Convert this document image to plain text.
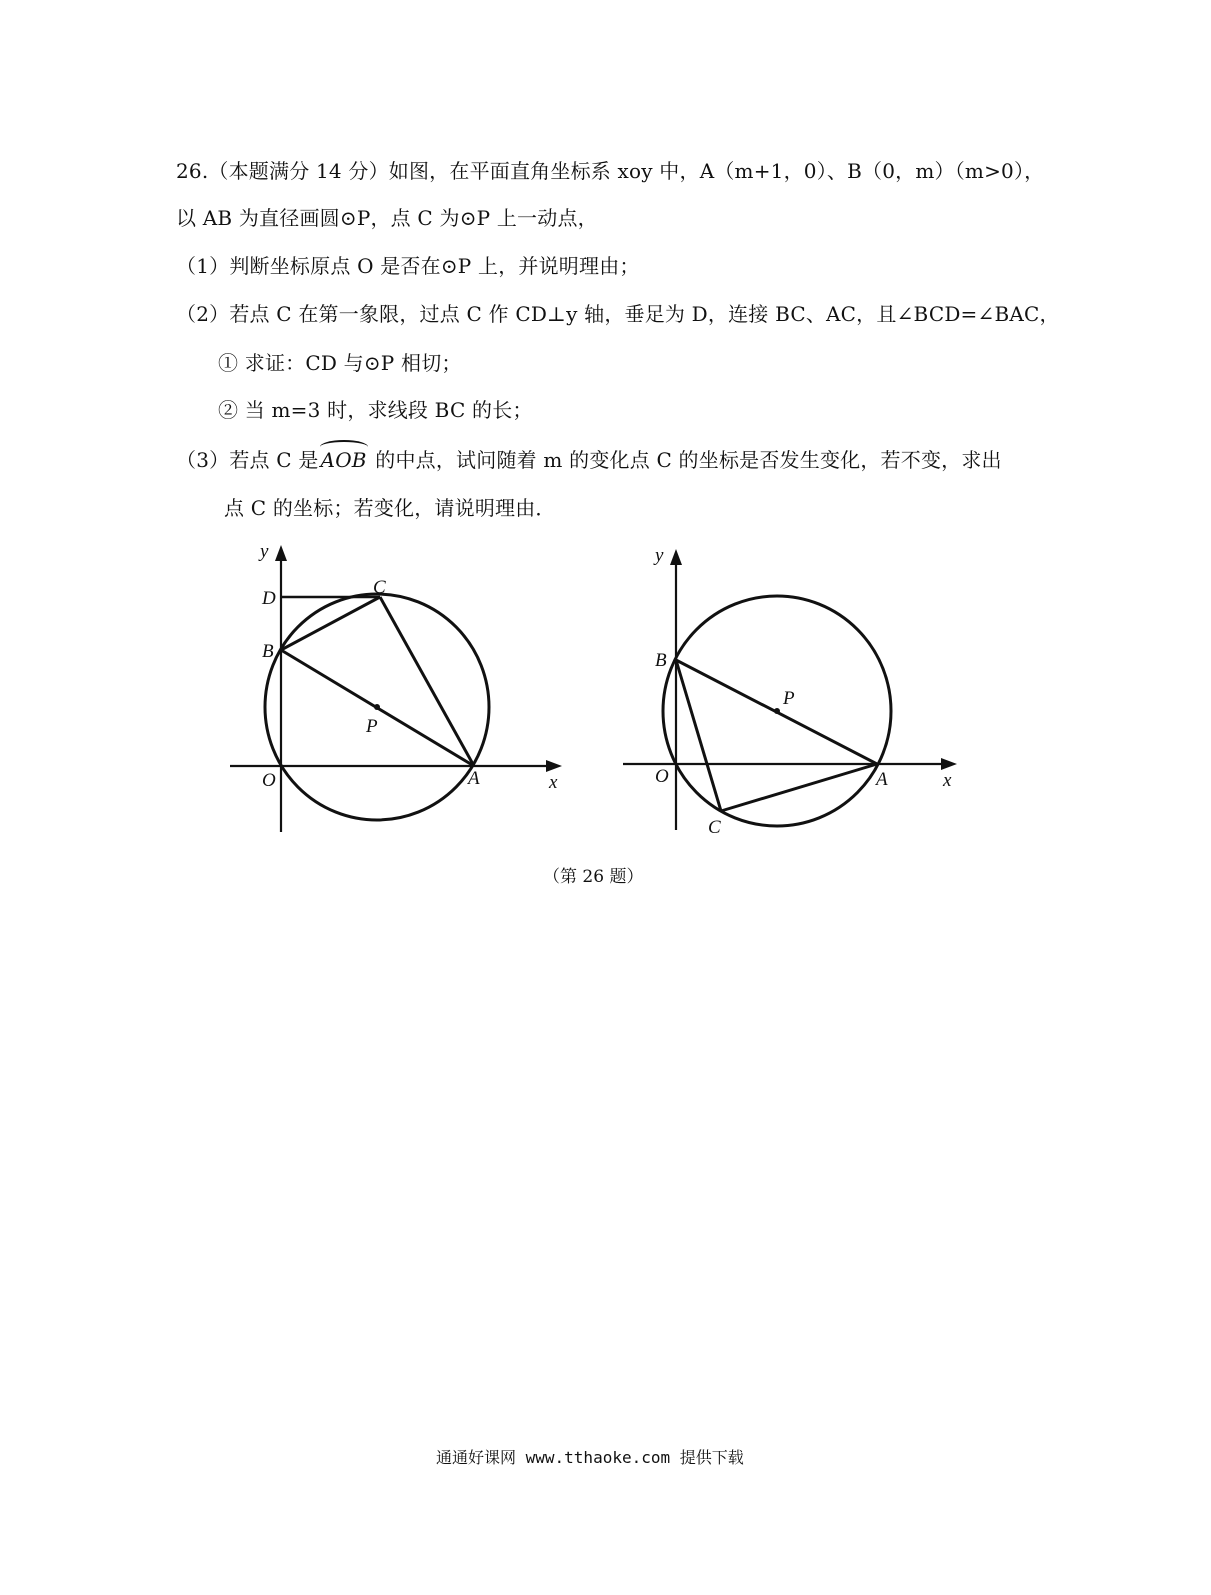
26.（本题满分 14 分）如图，在平面直角坐标系 xoy 中，A（m+1，0）、B（0，m）（m>0），
以 AB 为直径画圆⊙P，点 C 为⊙P 上一动点，
（1）判断坐标原点 O 是否在⊙P 上，并说明理由；
（2）若点 C 在第一象限，过点 C 作 CD⊥y 轴，垂足为 D，连接 BC、AC，且∠BCD=∠BAC，
① 求证：CD 与⊙P 相切；
② 当 m=3 时，求线段 BC 的长；
（3）若点 C 是 AOB 的中点，试问随着 m 的变化点 C 的坐标是否发生变化，若不变，求出
点 C 的坐标；若变化，请说明理由．
y
x
D
C
B
P
O	A
y
x
B
P
O	A
C
（第 26 题）
通通好课网 www.tthaoke.com 提供下载
